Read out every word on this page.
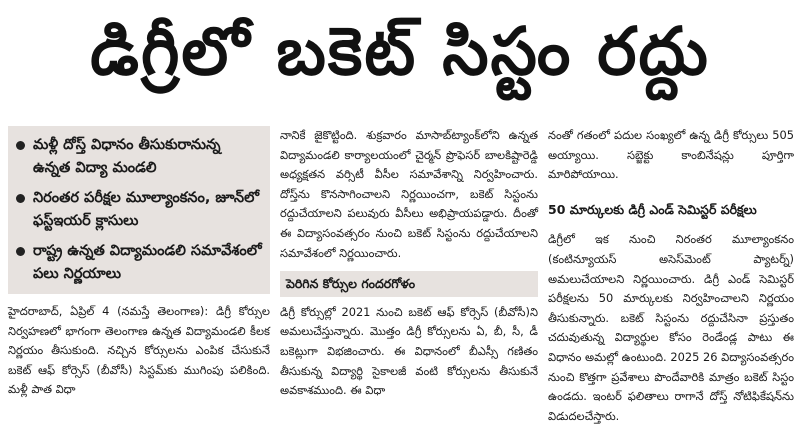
డిగ్రీలో బకెట్ సిస్టం రద్దు
మళ్లీ దోస్త్ విధానం తీసుకురానున్న ఉన్నత విద్యా మండలి
నిరంతర పరీక్షల మూల్యాంకనం, జూన్‌లో ఫస్ట్‌ఇయర్ క్లాసులు
రాష్ట్ర ఉన్నత విద్యామండలి సమావేశంలో పలు నిర్ణయాలు

హైదరాబాద్, ఏప్రిల్ 4 (నమస్తే తెలంగాణ): డిగ్రీ కోర్సుల నిర్వహణలో భాగంగా తెలంగాణ ఉన్నత విద్యామండలి కీలక నిర్ణయం తీసుకుంది. నచ్చిన కోర్సులను ఎంపిక చేసుకునే బకెట్ ఆఫ్ కోర్సెస్ (బీవోసీ) సిస్టమ్‌కు ముగింపు పలికింది. మళ్లీ పాత విధా

నానికే జైకొట్టింది. శుక్రవారం మాసాబ్‌ట్యాంక్‌లోని ఉన్నత విద్యామండలి కార్యాలయంలో చైర్మన్ ప్రొఫెసర్ బాలకిష్టారెడ్డి అధ్యక్షతన వర్సిటీ వీసీల సమావేశాన్ని నిర్వహించారు. దోస్త్‌ను కొనసాగించాలని నిర్ణయించగా, బకెట్ సిస్టంను రద్దుచేయాలని పలువురు వీసీలు అభిప్రాయపడ్డారు. దీంతో ఈ విద్యాసంవత్సరం నుంచి బకెట్ సిస్టంను రద్దుచేయాలని సమావేశంలో నిర్ణయించారు.

పెరిగిన కోర్సుల గందరగోళం

డిగ్రీ కోర్సుల్లో 2021 నుంచి బకెట్ ఆఫ్ కోర్సెస్ (బీవోసీ)ని అమలుచేస్తున్నారు. మొత్తం డిగ్రీ కోర్సులను ఏ, బీ, సీ, డీ బకెట్లుగా విభజించారు. ఈ విధానంలో బీఎస్సీ గణితం తీసుకున్న విద్యార్థి సైకాలజీ వంటి కోర్సులను తీసుకునే అవకాశముంది. ఈ విధా

నంతో గతంలో పదుల సంఖ్యలో ఉన్న డిగ్రీ కోర్సులు 505 అయ్యాయి. సబ్జెక్టు కాంబినేషన్లు పూర్తిగా మారిపోయాయి.

50 మార్కులకు డిగ్రీ ఎండ్ సెమిస్టర్ పరీక్షలు

డిగ్రీలో ఇక నుంచి నిరంతర మూల్యాంకనం (కంటిన్యూయస్ అసెస్‌మెంట్ ప్యాటర్న్) అమలుచేయాలని నిర్ణయించారు. డిగ్రీ ఎండ్ సెమిస్టర్ పరీక్షలను 50 మార్కులకు నిర్వహించాలని నిర్ణయం తీసుకున్నారు. బకెట్ సిస్టంను రద్దుచేసినా ప్రస్తుతం చదువుతున్న విద్యార్థుల కోసం రెండేండ్ల పాటు ఈ విధానం అమల్లో ఉంటుంది. 2025 26 విద్యాసంవత్సరం నుంచి కొత్తగా ప్రవేశాలు పొందేవారికి మాత్రం బకెట్ సిస్టం ఉండదు. ఇంటర్ ఫలితాలు రాగానే దోస్త్ నోటిఫికేషన్‌ను విడుదలచేస్తారు.
